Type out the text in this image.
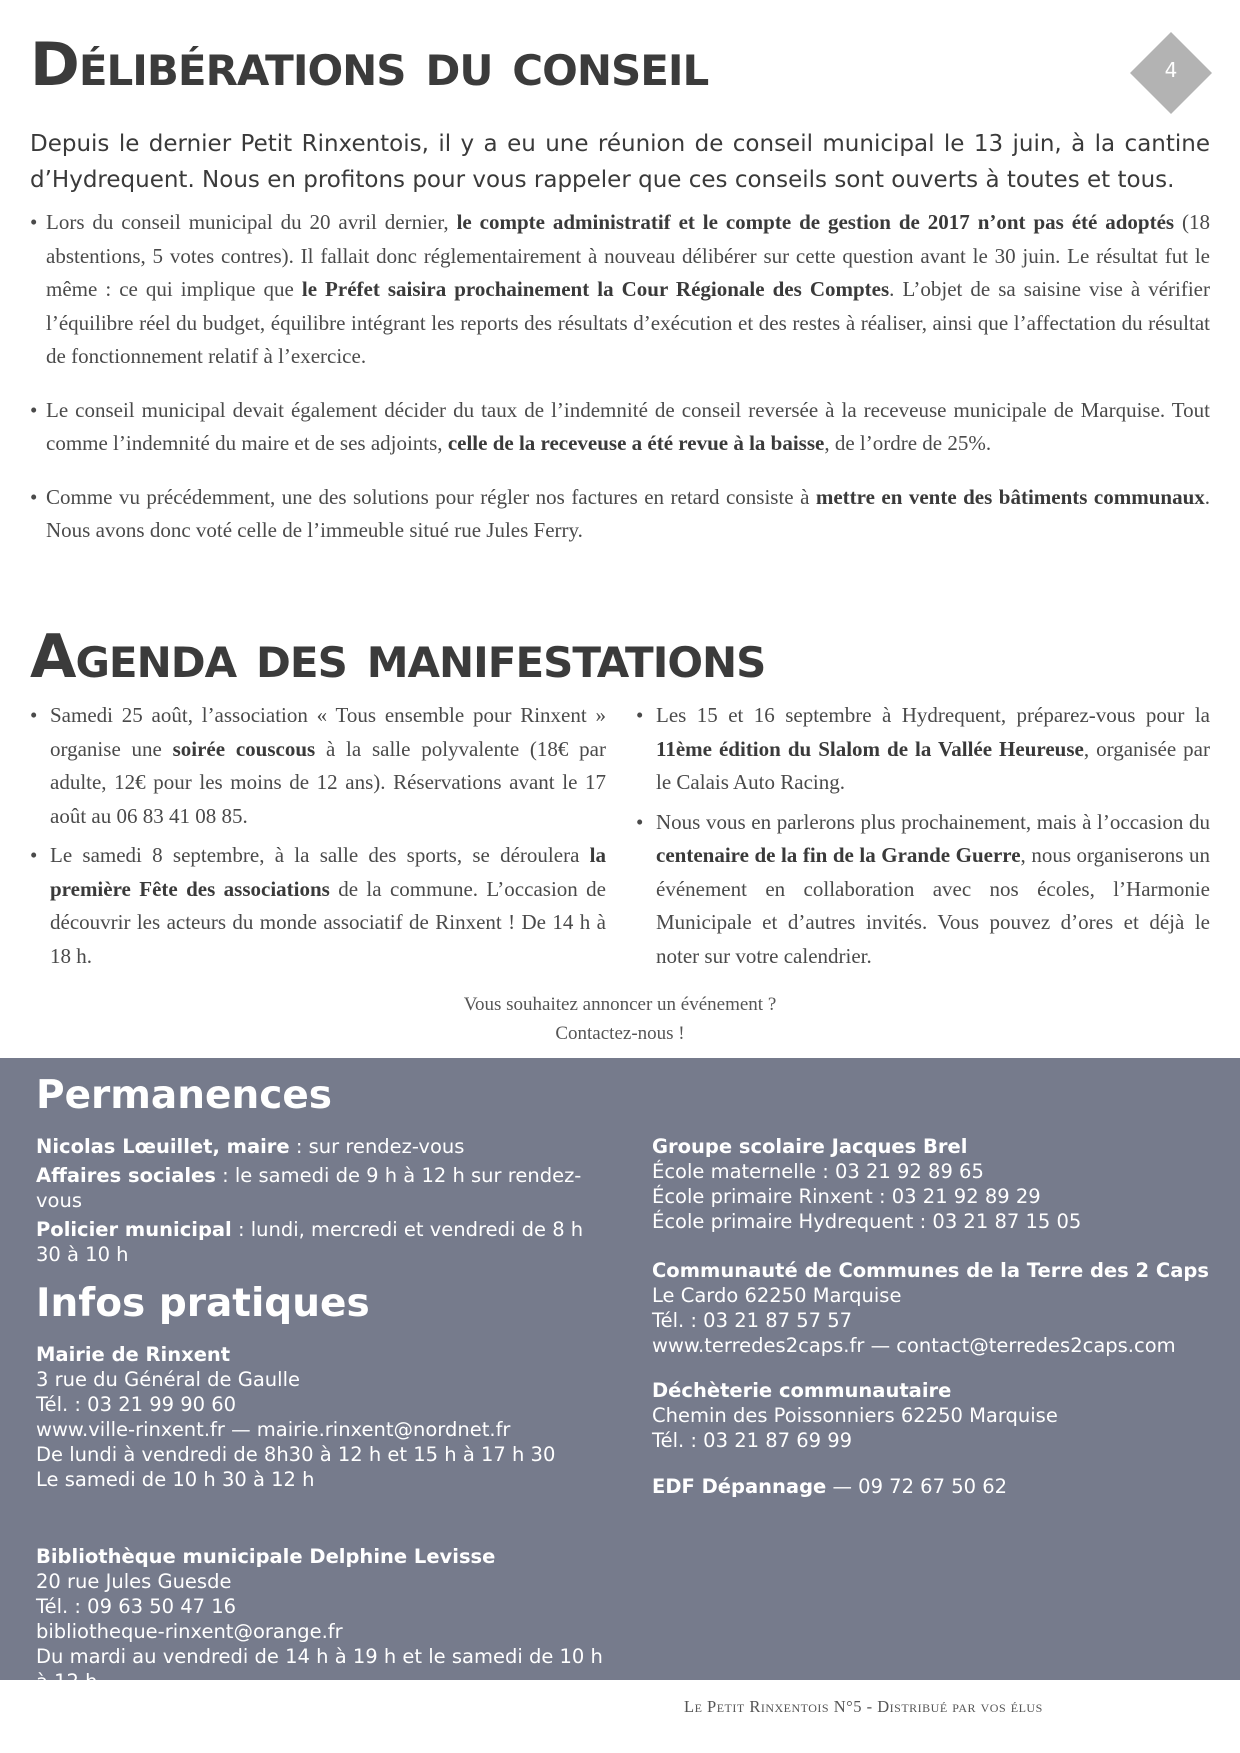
4
Délibérations du conseil

Depuis le dernier Petit Rinxentois, il y a eu une réunion de conseil municipal le 13 juin, à la cantine d’Hydrequent. Nous en profitons pour vous rappeler que ces conseils sont ouverts à toutes et tous.

• Lors du conseil municipal du 20 avril dernier, le compte administratif et le compte de gestion de 2017 n’ont pas été adoptés (18 abstentions, 5 votes contres). Il fallait donc réglementairement à nouveau délibérer sur cette question avant le 30 juin. Le résultat fut le même : ce qui implique que le Préfet saisira prochainement la Cour Régionale des Comptes. L’objet de sa saisine vise à vérifier l’équilibre réel du budget, équilibre intégrant les reports des résultats d’exécution et des restes à réaliser, ainsi que l’affectation du résultat de fonctionnement relatif à l’exercice.
• Le conseil municipal devait également décider du taux de l’indemnité de conseil reversée à la receveuse municipale de Marquise. Tout comme l’indemnité du maire et de ses adjoints, celle de la receveuse a été revue à la baisse, de l’ordre de 25%.
• Comme vu précédemment, une des solutions pour régler nos factures en retard consiste à mettre en vente des bâtiments communaux. Nous avons donc voté celle de l’immeuble situé rue Jules Ferry.
Agenda des manifestations
• Samedi 25 août, l’association « Tous ensemble pour Rinxent » organise une soirée couscous à la salle polyvalente (18€ par adulte, 12€ pour les moins de 12 ans). Réservations avant le 17 août au 06 83 41 08 85.
• Le samedi 8 septembre, à la salle des sports, se déroulera la première Fête des associations de la commune. L’occasion de découvrir les acteurs du monde associatif de Rinxent ! De 14 h à 18 h.
• Les 15 et 16 septembre à Hydrequent, préparez-vous pour la 11ème édition du Slalom de la Vallée Heureuse, organisée par le Calais Auto Racing.
• Nous vous en parlerons plus prochainement, mais à l’occasion du centenaire de la fin de la Grande Guerre, nous organiserons un événement en collaboration avec nos écoles, l’Harmonie Municipale et d’autres invités. Vous pouvez d’ores et déjà le noter sur votre calendrier.
Vous souhaitez annoncer un événement ?
Contactez-nous !
Permanences

Nicolas Lœuillet, maire : sur rendez-vous

Affaires sociales : le samedi de 9 h à 12 h sur rendez-vous

Policier municipal : lundi, mercredi et vendredi de 8 h 30 à 10 h

Infos pratiques

Mairie de Rinxent

3 rue du Général de Gaulle

Tél. : 03 21 99 90 60

www.ville-rinxent.fr — mairie.rinxent@nordnet.fr

De lundi à vendredi de 8h30 à 12 h et 15 h à 17 h 30

Le samedi de 10 h 30 à 12 h

Bibliothèque municipale Delphine Levisse

20 rue Jules Guesde

Tél. : 09 63 50 47 16

bibliotheque-rinxent@orange.fr

Du mardi au vendredi de 14 h à 19 h et le samedi de 10 h à 12 h

Groupe scolaire Jacques Brel

École maternelle : 03 21 92 89 65

École primaire Rinxent : 03 21 92 89 29

École primaire Hydrequent : 03 21 87 15 05

Communauté de Communes de la Terre des 2 Caps

Le Cardo 62250 Marquise

Tél. : 03 21 87 57 57

www.terredes2caps.fr — contact@terredes2caps.com

Déchèterie communautaire

Chemin des Poissonniers 62250 Marquise

Tél. : 03 21 87 69 99

EDF Dépannage — 09 72 67 50 62

Le Petit Rinxentois N°5 - Distribué par vos élus
